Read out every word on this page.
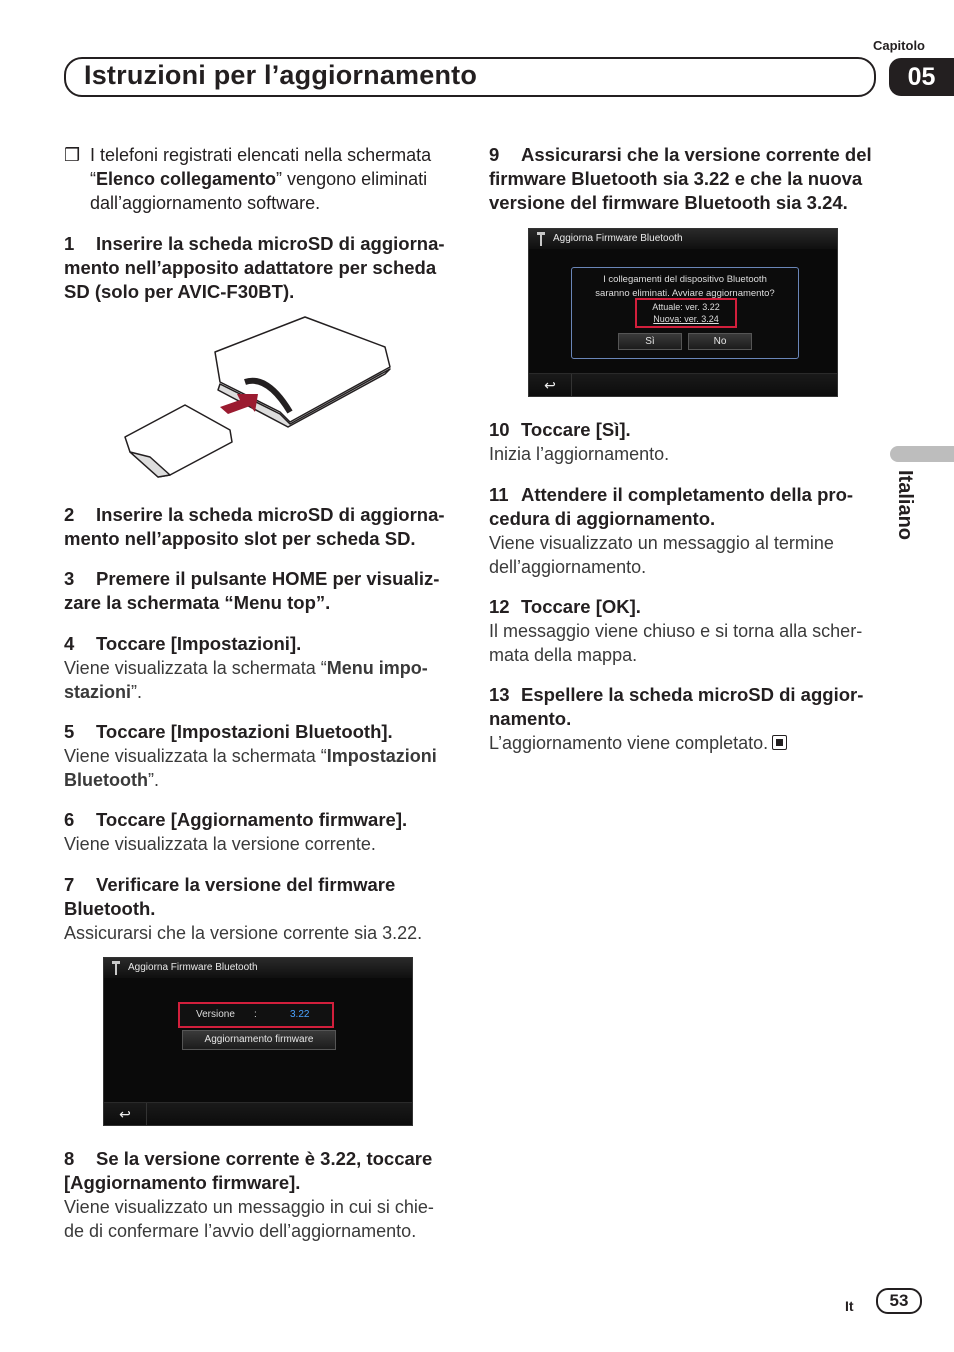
Capitolo
05
Istruzioni per l’aggiornamento
Italiano

❒ I telefoni registrati elencati nella schermata “Elenco collegamento” vengono eliminati dall’aggiornamento software.

1 Inserire la scheda microSD di aggiorna- mento nell’apposito adattatore per scheda SD (solo per AVIC-F30BT).

2 Inserire la scheda microSD di aggiorna- mento nell’apposito slot per scheda SD.

3 Premere il pulsante HOME per visualiz- zare la schermata “Menu top”.

4 Toccare [Impostazioni].

Viene visualizzata la schermata “Menu impo- stazioni”.

5 Toccare [Impostazioni Bluetooth].

Viene visualizzata la schermata “Impostazioni Bluetooth”.

6 Toccare [Aggiornamento firmware].

Viene visualizzata la versione corrente.

7 Verificare la versione del firmware Bluetooth.

Assicurarsi che la versione corrente sia 3.22.

Aggiorna Firmware Bluetooth
Versione :	3.22
Aggiornamento firmware
↩

8 Se la versione corrente è 3.22, toccare [Aggiornamento firmware].

Viene visualizzato un messaggio in cui si chie- de di confermare l’avvio dell’aggiornamento.

9 Assicurarsi che la versione corrente del firmware Bluetooth sia 3.22 e che la nuova versione del firmware Bluetooth sia 3.24.

Aggiorna Firmware Bluetooth
I collegamenti del dispositivo Bluetooth
saranno eliminati. Avviare aggiornamento?
Attuale: ver. 3.22
Nuova: ver. 3.24
Sì	No
↩

10 Toccare [Sì].

Inizia l’aggiornamento.

11 Attendere il completamento della pro- cedura di aggiornamento.

Viene visualizzato un messaggio al termine dell’aggiornamento.

12 Toccare [OK].

Il messaggio viene chiuso e si torna alla scher- mata della mappa.

13 Espellere la scheda microSD di aggior- namento.

L’aggiornamento viene completato.

It	53
